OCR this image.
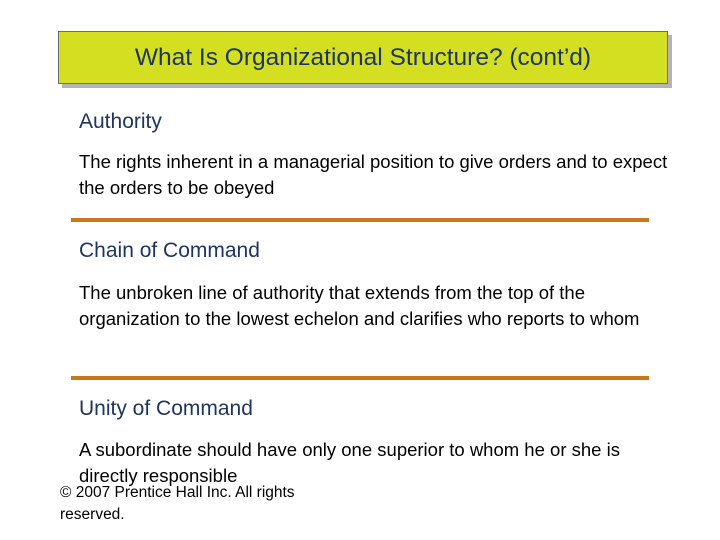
What Is Organizational Structure? (cont’d)
Authority
The rights inherent in a managerial position to give orders and to expect the orders to be obeyed
Chain of Command
The unbroken line of authority that extends from the top of the organization to the lowest echelon and clarifies who reports to whom
Unity of Command
A subordinate should have only one superior to whom he or she is directly responsible
© 2007 Prentice Hall Inc. All rights reserved.
